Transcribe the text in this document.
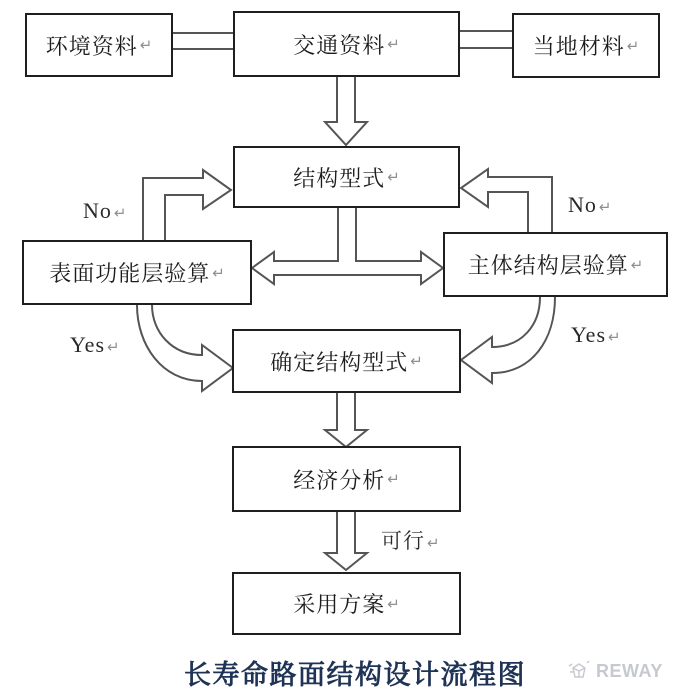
环境资料 ↵	交通资料 ↵	当地材料 ↵
结构型式 ↵
表面功能层验算 ↵	主体结构层验算 ↵
确定结构型式 ↵
经济分析 ↵
采用方案 ↵
No ↵	No ↵
Yes ↵	Yes ↵
可行 ↵
长寿命路面结构设计流程图	REWAY
